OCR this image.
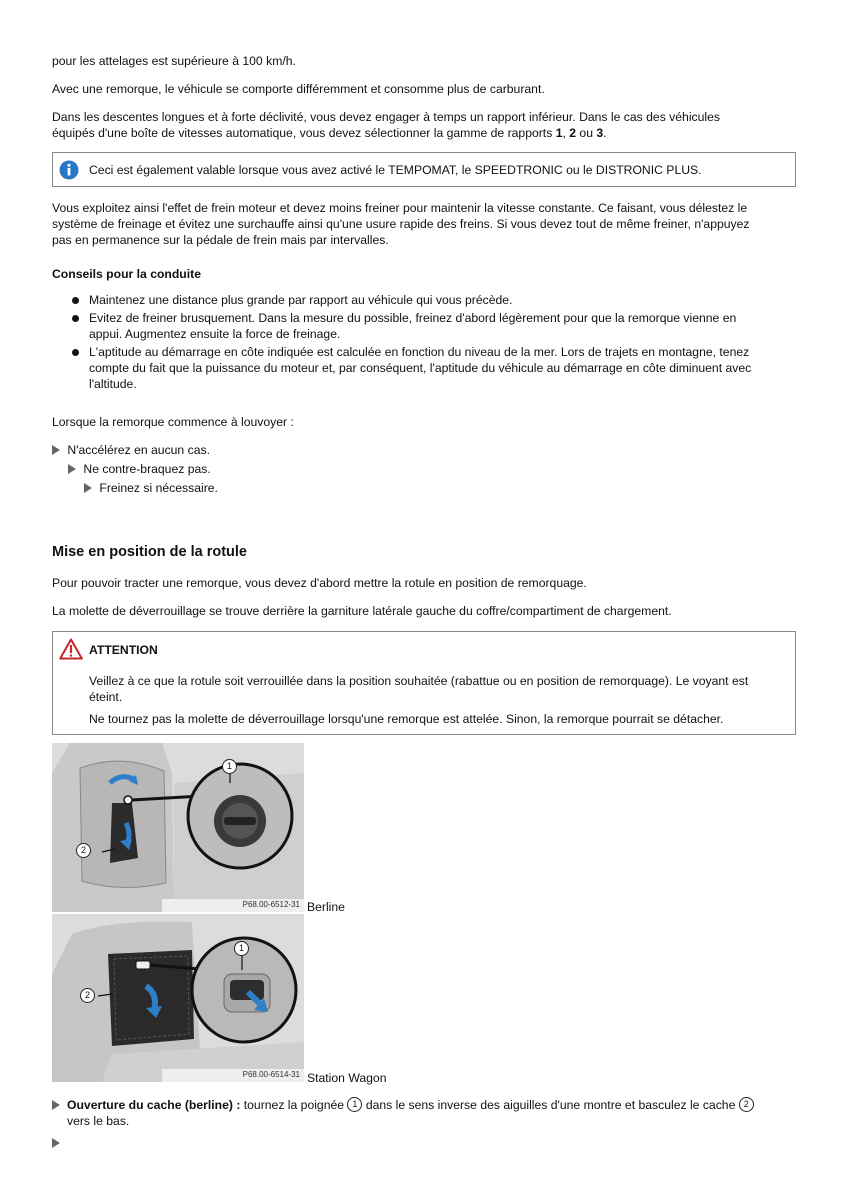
pour les attelages est supérieure à 100 km/h.

Avec une remorque, le véhicule se comporte différemment et consomme plus de carburant.

Dans les descentes longues et à forte déclivité, vous devez engager à temps un rapport inférieur. Dans le cas des véhicules
équipés d'une boîte de vitesses automatique, vous devez sélectionner la gamme de rapports 1, 2 ou 3.
Ceci est également valable lorsque vous avez activé le TEMPOMAT, le SPEEDTRONIC ou le DISTRONIC PLUS.
Vous exploitez ainsi l'effet de frein moteur et devez moins freiner pour maintenir la vitesse constante. Ce faisant, vous délestez le
système de freinage et évitez une surchauffe ainsi qu'une usure rapide des freins. Si vous devez tout de même freiner, n'appuyez
pas en permanence sur la pédale de frein mais par intervalles.

Conseils pour la conduite

Maintenez une distance plus grande par rapport au véhicule qui vous précède.
Evitez de freiner brusquement. Dans la mesure du possible, freinez d'abord légèrement pour que la remorque vienne en
appui. Augmentez ensuite la force de freinage.
L'aptitude au démarrage en côte indiquée est calculée en fonction du niveau de la mer. Lors de trajets en montagne, tenez
compte du fait que la puissance du moteur et, par conséquent, l'aptitude du véhicule au démarrage en côte diminuent avec
l'altitude.

Lorsque la remorque commence à louvoyer :

N'accélérez en aucun cas.
Ne contre-braquez pas.
Freinez si nécessaire.
Mise en position de la rotule

Pour pouvoir tracter une remorque, vous devez d'abord mettre la rotule en position de remorquage.

La molette de déverrouillage se trouve derrière la garniture latérale gauche du coffre/compartiment de chargement.

ATTENTION
Veillez à ce que la rotule soit verrouillée dans la position souhaitée (rabattue ou en position de remorquage). Le voyant est
éteint.
Ne tournez pas la molette de déverrouillage lorsqu'une remorque est attelée. Sinon, la remorque pourrait se détacher.
1
2
P68.00-6512-31 Berline
1
2
P68.00-6514-31 Station Wagon
Ouverture du cache (berline) : tournez la poignée 1 dans le sens inverse des aiguilles d'une montre et basculez le cache 2
vers le bas.
